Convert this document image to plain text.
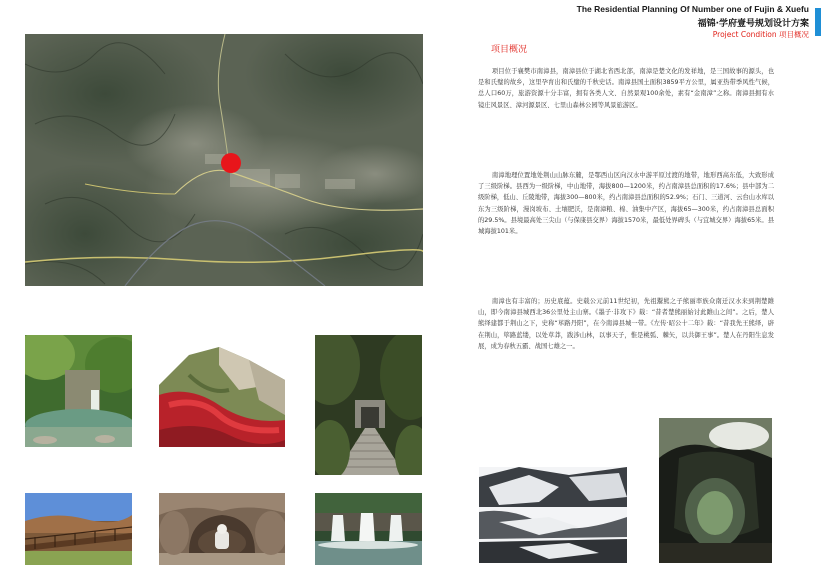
The Residential Planning Of Number one of Fujin & Xuefu
福锦·学府壹号规划设计方案
Project Condition 项目概况
项目概况

项目位于襄樊市南漳县，南漳县位于湖北省西北部，南漳是楚文化的发祥地，是三国故事的源头，也是和氏璧的故乡，这里孕育出和氏璧的千秋史话。南漳县国土面积3859平方公里，属亚热带季风性气候，总人口60万，旅游资源十分丰富，拥有各类人文、自然景观100余处，素有“金南漳”之称。南漳县拥有水镜庄风景区、漳河源景区、七里山森林公园等风景旅游区。

南漳地理位置地处荆山山脉东麓，是鄂西山区向汉水中游平原过渡的地带，地形西高东低，大致形成了三级阶梯。县西为一级阶梯，中山地带，海拔800—1200米，约占南漳县总面积的17.6%；县中部为二级阶梯，低山、丘陵地带，海拔300—800米，约占南漳县总面积的52.9%；石门、三道河、云台山水库以东为三级阶梯，漫岗坡布、土壤肥沃，是南漳粮、棉、油集中产区，海拔65—300米，约占南漳县总面积的29.5%。县境最高处三尖山（与保康县交界）海拔1570米，最低处界碑头（与宜城交界）海拔65米。县城海拔101米。

南漳也有丰富的；历史底蕴。史载公元前11世纪初，先祖鬻熊之子熊丽率族众南迁汉水来到荆楚雎山，即今南漳县城西北36公里处主山寨。《墨子·非攻下》载：“昔者楚熊丽始讨此雎山之间”。之后，楚人熊绎建都于荆山之下，史称“荜路丹阳”，在今南漳县城一带。《左传·昭公十二年》载：“昔我先王熊绎，辟在荆山，筚路蓝缕，以处草莽，跋涉山林，以事天子，惟是桃弧、棘矢，以共御王事”。楚人在丹阳生息发展，成为春秋五霸、战国七雄之一。
